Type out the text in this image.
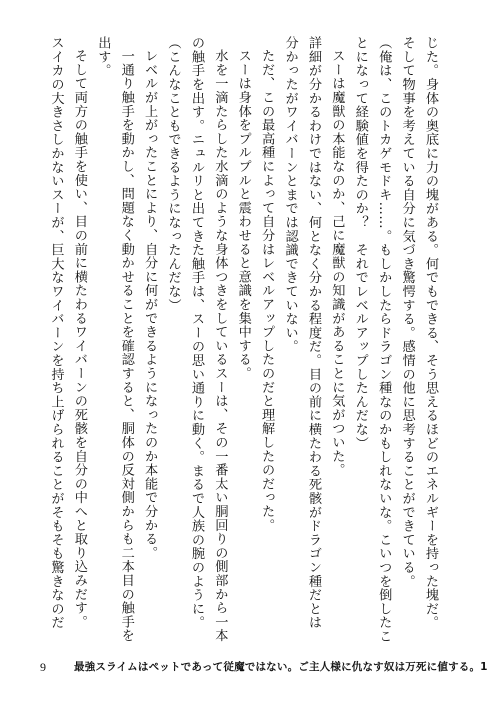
じた。身体の奥底に力の塊がある。何でもできる、そう思えるほどのエネルギーを持った塊だ。
そして物事を考えている自分に気づき驚愕する。感情の他に思考することができている。
（俺は、このトカゲモドキ……。もしかしたらドラゴン種なのかもしれないな。こいつを倒したこ
とになって経験値を得たのか？　それでレベルアップしたんだな）
スーは魔獣の本能なのか、己に魔獣の知識があることに気がついた。
詳細が分かるわけではない、何となく分かる程度だ。目の前に横たわる死骸がドラゴン種だとは
分かったがワイバーンとまでは認識できていない。
ただ、この最高種によって自分はレベルアップしたのだと理解したのだった。
スーは身体をプルプルと震わせると意識を集中する。
水を一滴たらした水滴のような身体つきをしているスーは、その一番太い胴回りの側部から一本
の触手を出す。ニュルリと出てきた触手は、スーの思い通りに動く。まるで人族の腕のように。
（こんなこともできるようになったんだな）
レベルが上がったことにより、自分に何ができるようになったのか本能で分かる。
一通り触手を動かし、問題なく動かせることを確認すると、胴体の反対側からも二本目の触手を
出す。
そして両方の触手を使い、目の前に横たわるワイバーンの死骸を自分の中へと取り込みだす。
スイカの大きさしかないスーが、巨大なワイバーンを持ち上げられることがそもそも驚きなのだ
9	最強スライムはペットであって従魔ではない。ご主人様に仇なす奴は万死に値する。1
